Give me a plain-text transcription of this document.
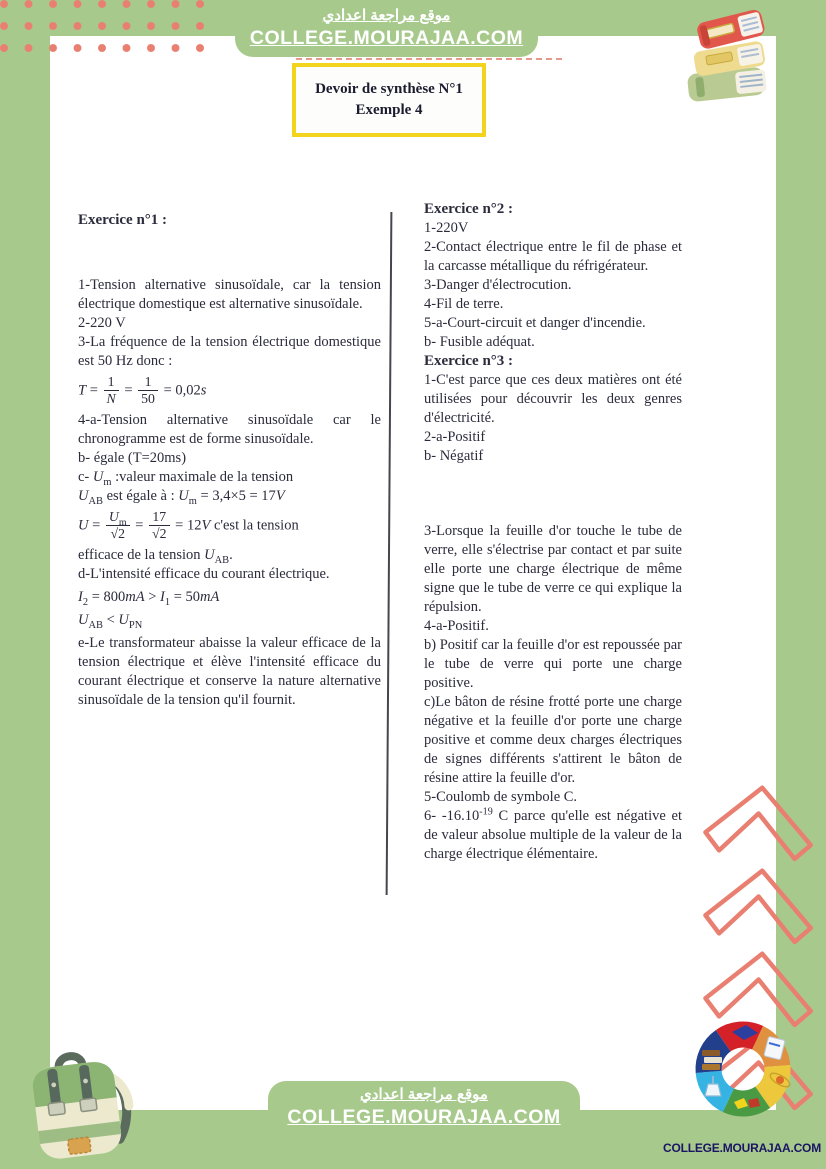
موقع مراجعة اعدادي
COLLEGE.MOURAJAA.COM
Devoir de synthèse N°1
Exemple 4
Exercice n°1 :
1-Tension alternative sinusoïdale, car la tension électrique domestique est alternative sinusoïdale.
2-220 V
3-La fréquence de la tension électrique domestique est 50 Hz donc :
$T = \frac{1}{N} = \frac{1}{50} = 0,02s$
4-a-Tension alternative sinusoïdale car le chronogramme est de forme sinusoïdale.
b- égale (T=20ms)
c- $U_m$ :valeur maximale de la tension
$U_{AB}$ est égale à : $U_m = 3,4\times 5 = 17V$
$U = \frac{U_m}{√2} = \frac{17}{√2} = 12V$ c'est la tension
efficace de la tension $U_{AB}$.
d-L'intensité efficace du courant électrique.
$I_2 = 800mA > I_1 = 50mA$
$U_{AB} < U_{PN}$
e-Le transformateur abaisse la valeur efficace de la tension électrique et élève l'intensité efficace du courant électrique et conserve la nature alternative sinusoïdale de la tension qu'il fournit.
Exercice n°2 :
1-220V
2-Contact électrique entre le fil de phase et la carcasse métallique du réfrigérateur.
3-Danger d'électrocution.
4-Fil de terre.
5-a-Court-circuit et danger d'incendie.
b- Fusible adéquat.
Exercice n°3 :
1-C'est parce que ces deux matières ont été utilisées pour découvrir les deux genres d'électricité.
2-a-Positif
b- Négatif
3-Lorsque la feuille d'or touche le tube de verre, elle s'électrise par contact et par suite elle porte une charge électrique de même signe que le tube de verre ce qui explique la répulsion.
4-a-Positif.
b) Positif car la feuille d'or est repoussée par le tube de verre qui porte une charge positive.
c)Le bâton de résine frotté porte une charge négative et la feuille d'or porte une charge positive et comme deux charges électriques de signes différents s'attirent le bâton de résine attire la feuille d'or.
5-Coulomb de symbole C.
6- $-16.10^{-19}$ C parce qu'elle est négative et de valeur absolue multiple de la valeur de la charge électrique élémentaire.
COLLEGE.MOURAJAA.COM
موقع مراجعة اعدادي
COLLEGE.MOURAJAA.COM
